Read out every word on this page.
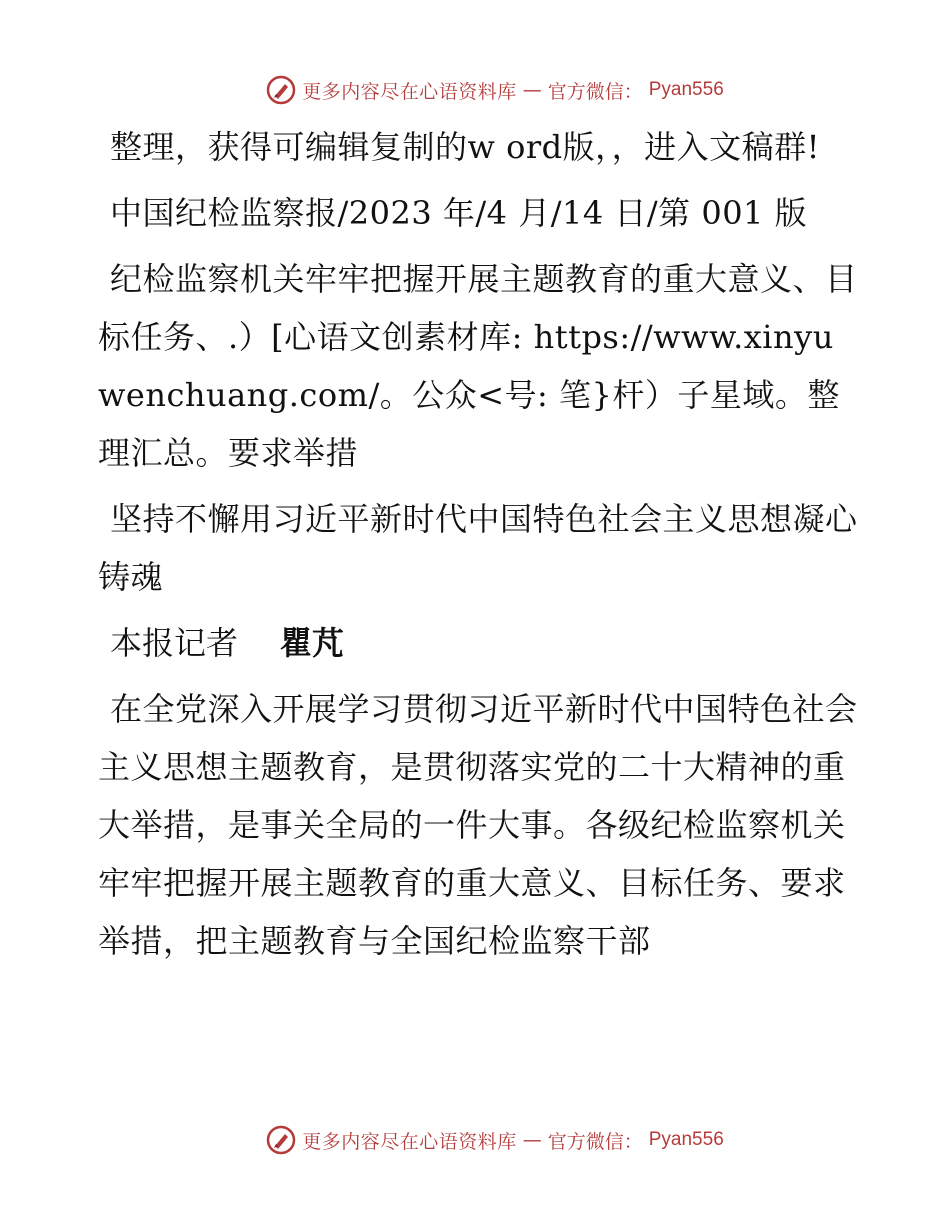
更多内容尽在心语资料库 — 官方微信： Pyan556

整理，获得可编辑复制的w ord版，，进入文稿群!

中国纪检监察报/2023 年/4 月/14 日/第 001 版

纪检监察机关牢牢把握开展主题教育的重大意义、目标任务、.）[心语文创素材库: https://www.xinyuwenchuang.com/。公众<号: 笔}杆）子星域。整理汇总。要求举措

坚持不懈用习近平新时代中国特色社会主义思想凝心铸魂

本报记者 瞿芃

在全党深入开展学习贯彻习近平新时代中国特色社会主义思想主题教育，是贯彻落实党的二十大精神的重大举措，是事关全局的一件大事。各级纪检监察机关牢牢把握开展主题教育的重大意义、目标任务、要求举措，把主题教育与全国纪检监察干部

更多内容尽在心语资料库 — 官方微信： Pyan556
